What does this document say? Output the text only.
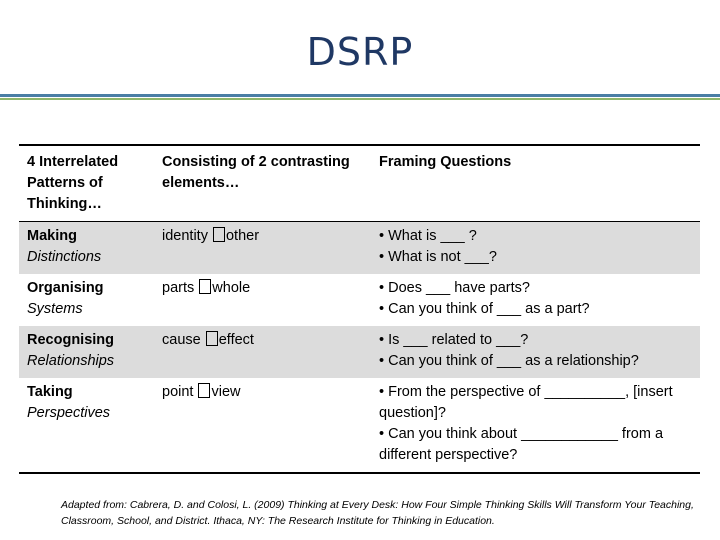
DSRP
4 Interrelated Patterns of Thinking…	Consisting of 2 contrasting elements…	Framing Questions

Making
Distinctions	identity other	• What is ___ ?
• What is not ___?

Organising
Systems	parts whole	• Does ___ have parts?
• Can you think of ___ as a part?

Recognising
Relationships	cause effect	• Is ___ related to ___?
• Can you think of ___ as a relationship?

Taking
Perspectives	point view	• From the perspective of __________, [insert question]?
• Can you think about ____________ from a different perspective?
Adapted from: Cabrera, D. and Colosi, L. (2009) Thinking at Every Desk: How Four Simple Thinking Skills Will Transform Your Teaching, Classroom, School, and District. Ithaca, NY: The Research Institute for Thinking in Education.
